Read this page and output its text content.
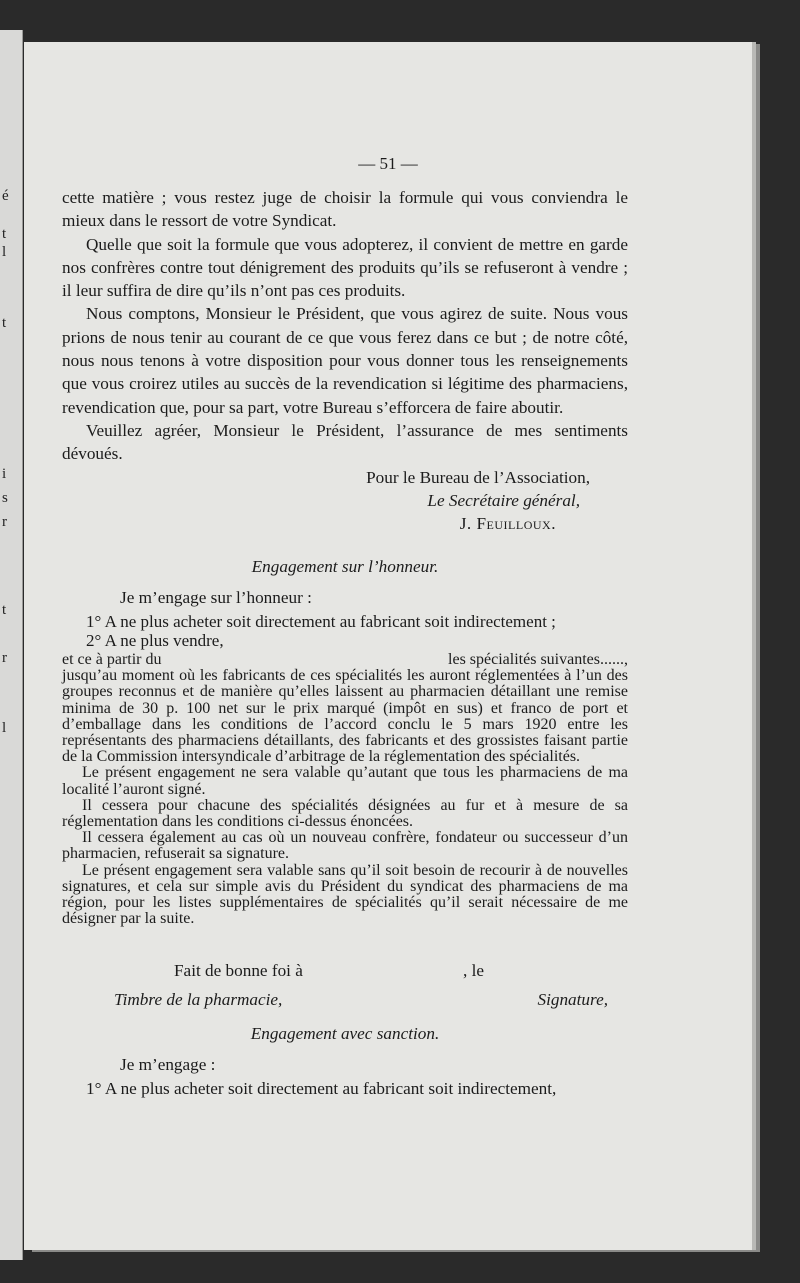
é
t
l
t
i
s
r
t
r
l
— 51 —

cette matière ; vous restez juge de choisir la formule qui vous conviendra le mieux dans le ressort de votre Syndicat.

Quelle que soit la formule que vous adopterez, il convient de mettre en garde nos confrères contre tout dénigrement des produits qu’ils se refuseront à vendre ; il leur suffira de dire qu’ils n’ont pas ces produits.

Nous comptons, Monsieur le Président, que vous agirez de suite. Nous vous prions de nous tenir au courant de ce que vous ferez dans ce but ; de notre côté, nous nous tenons à votre disposition pour vous donner tous les renseignements que vous croirez utiles au succès de la revendication si légitime des pharmaciens, revendication que, pour sa part, votre Bureau s’efforcera de faire aboutir.

Veuillez agréer, Monsieur le Président, l’assurance de mes sentiments dévoués.

Pour le Bureau de l’Association,

Le Secrétaire général,

J. Feuilloux.

Engagement sur l’honneur.

Je m’engage sur l’honneur :

1° A ne plus acheter soit directement au fabricant soit indirectement ;

2° A ne plus vendre,

et ce à partir du	les spécialités suivantes......,

jusqu’au moment où les fabricants de ces spécialités les auront réglementées à l’un des groupes reconnus et de manière qu’elles laissent au pharmacien détaillant une remise minima de 30 p. 100 net sur le prix marqué (impôt en sus) et franco de port et d’emballage dans les conditions de l’accord conclu le 5 mars 1920 entre les représentants des pharmaciens détaillants, des fabricants et des grossistes faisant partie de la Commission intersyndicale d’arbitrage de la réglementation des spécialités.

Le présent engagement ne sera valable qu’autant que tous les pharmaciens de ma localité l’auront signé.

Il cessera pour chacune des spécialités désignées au fur et à mesure de sa réglementation dans les conditions ci-dessus énoncées.

Il cessera également au cas où un nouveau confrère, fondateur ou successeur d’un pharmacien, refuserait sa signature.

Le présent engagement sera valable sans qu’il soit besoin de recourir à de nouvelles signatures, et cela sur simple avis du Président du syndicat des pharmaciens de ma région, pour les listes supplémentaires de spécialités qu’il serait nécessaire de me désigner par la suite.

Fait de bonne foi à	, le
Timbre de la pharmacie,	Signature,

Engagement avec sanction.

Je m’engage :

1° A ne plus acheter soit directement au fabricant soit indirectement,
